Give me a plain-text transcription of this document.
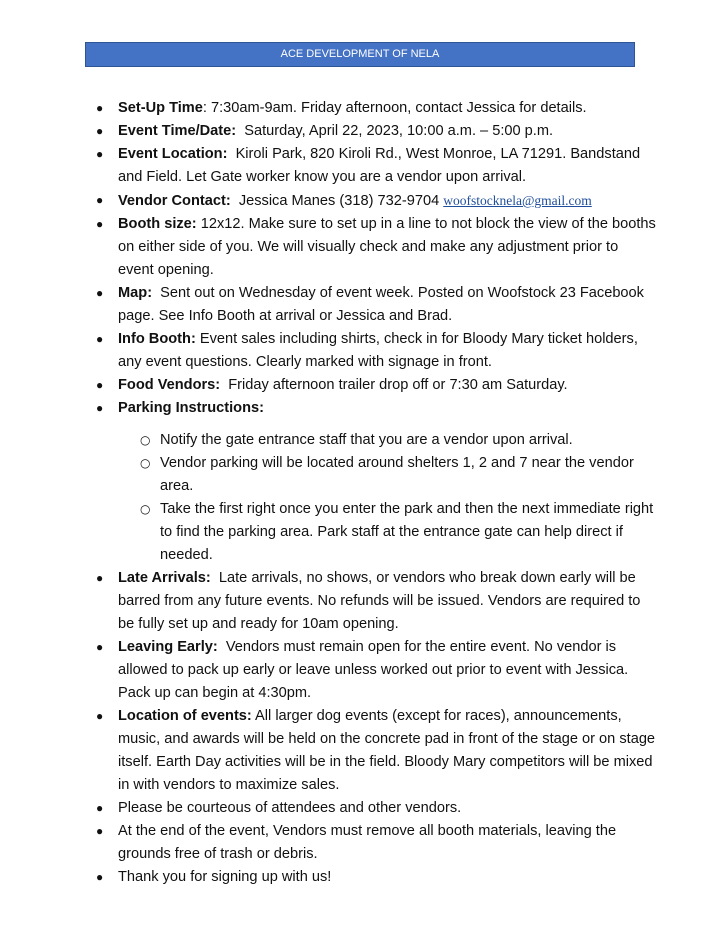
ACE DEVELOPMENT OF NELA
●	Set-Up Time: 7:30am-9am. Friday afternoon, contact Jessica for details.
●	Event Time/Date: Saturday, April 22, 2023, 10:00 a.m. – 5:00 p.m.
●	Event Location: Kiroli Park, 820 Kiroli Rd., West Monroe, LA 71291. Bandstand and Field. Let Gate worker know you are a vendor upon arrival.
●	Vendor Contact: Jessica Manes (318) 732-9704 woofstocknela@gmail.com
●	Booth size: 12x12. Make sure to set up in a line to not block the view of the booths on either side of you. We will visually check and make any adjustment prior to event opening.
●	Map: Sent out on Wednesday of event week. Posted on Woofstock 23 Facebook page. See Info Booth at arrival or Jessica and Brad.
●	Info Booth: Event sales including shirts, check in for Bloody Mary ticket holders, any event questions. Clearly marked with signage in front.
●	Food Vendors: Friday afternoon trailer drop off or 7:30 am Saturday.
●	Parking Instructions:
○ Notify the gate entrance staff that you are a vendor upon arrival.
○ Vendor parking will be located around shelters 1, 2 and 7 near the vendor area.
○ Take the first right once you enter the park and then the next immediate right to find the parking area. Park staff at the entrance gate can help direct if needed.
●	Late Arrivals: Late arrivals, no shows, or vendors who break down early will be barred from any future events. No refunds will be issued. Vendors are required to be fully set up and ready for 10am opening.
●	Leaving Early: Vendors must remain open for the entire event. No vendor is allowed to pack up early or leave unless worked out prior to event with Jessica. Pack up can begin at 4:30pm.
●	Location of events: All larger dog events (except for races), announcements, music, and awards will be held on the concrete pad in front of the stage or on stage itself. Earth Day activities will be in the field. Bloody Mary competitors will be mixed in with vendors to maximize sales.
●	Please be courteous of attendees and other vendors.
●	At the end of the event, Vendors must remove all booth materials, leaving the grounds free of trash or debris.
●	Thank you for signing up with us!
